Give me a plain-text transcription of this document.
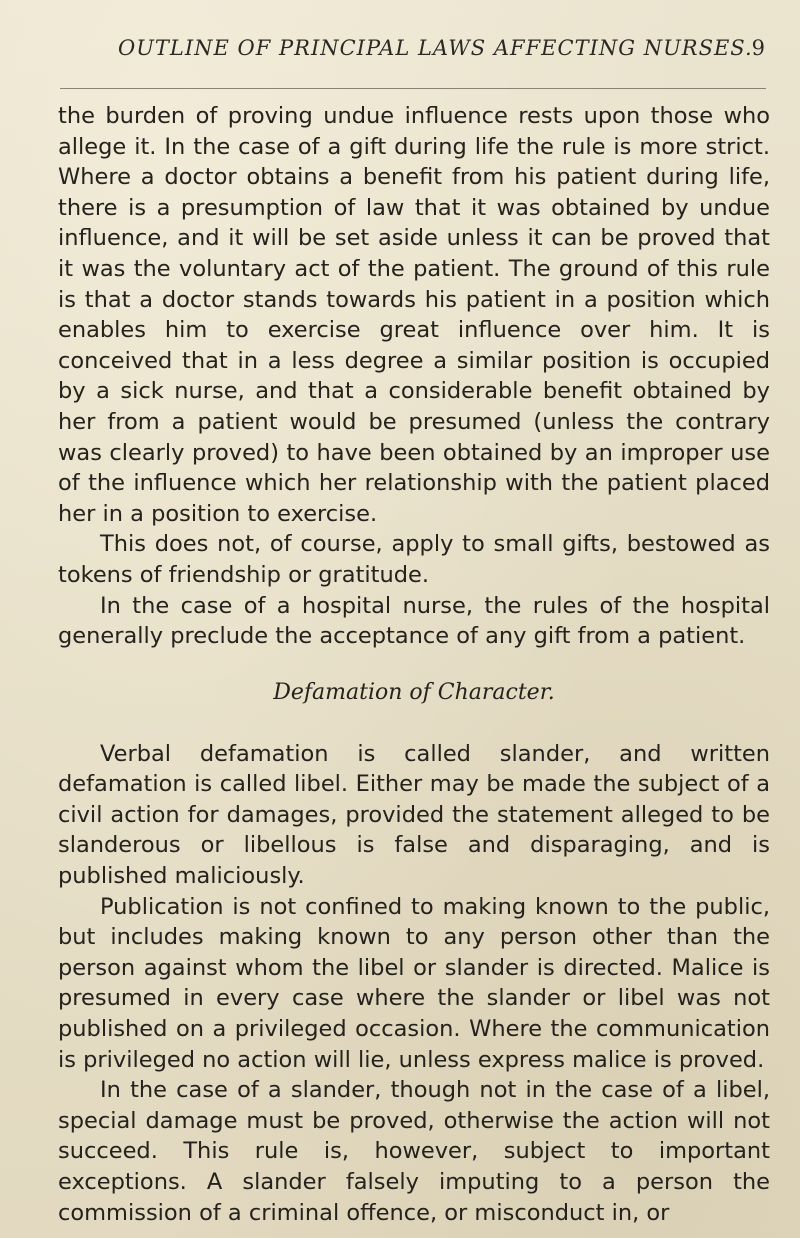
OUTLINE OF PRINCIPAL LAWS AFFECTING NURSES. 9

the burden of proving undue influence rests upon those who allege it. In the case of a gift during life the rule is more strict. Where a doctor obtains a benefit from his patient during life, there is a presumption of law that it was obtained by undue influence, and it will be set aside unless it can be proved that it was the voluntary act of the patient. The ground of this rule is that a doctor stands towards his patient in a position which enables him to exercise great influence over him. It is conceived that in a less degree a similar position is occupied by a sick nurse, and that a considerable benefit obtained by her from a patient would be presumed (unless the contrary was clearly proved) to have been obtained by an improper use of the influence which her relationship with the patient placed her in a position to exercise.

This does not, of course, apply to small gifts, bestowed as tokens of friendship or gratitude.

In the case of a hospital nurse, the rules of the hospital generally preclude the acceptance of any gift from a patient.

Defamation of Character.

Verbal defamation is called slander, and written defamation is called libel. Either may be made the subject of a civil action for damages, provided the statement alleged to be slanderous or libellous is false and disparaging, and is published maliciously.

Publication is not confined to making known to the public, but includes making known to any person other than the person against whom the libel or slander is directed. Malice is presumed in every case where the slander or libel was not published on a privileged occasion. Where the communication is privileged no action will lie, unless express malice is proved.

In the case of a slander, though not in the case of a libel, special damage must be proved, otherwise the action will not succeed. This rule is, however, subject to important exceptions. A slander falsely imputing to a person the commission of a criminal offence, or misconduct in, or
